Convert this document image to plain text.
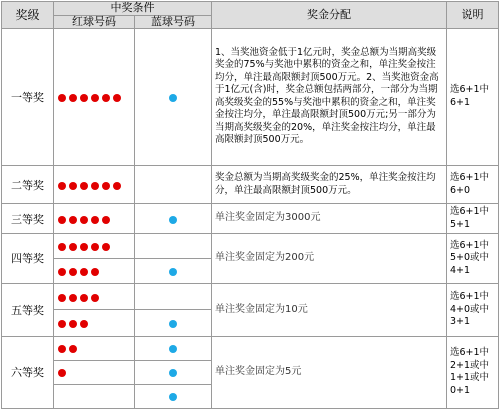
奖级	中奖条件		奖金分配	说明
	红球号码	蓝球号码		
一等奖			1、当奖池资金低于1亿元时，奖金总额为当期高奖级奖金的75%与奖池中累积的资金之和，单注奖金按注均分，单注最高限额封顶500万元。2、当奖池资金高于1亿元(含)时，奖金总额包括两部分，一部分为当期高奖级奖金的55%与奖池中累积的资金之和，单注奖金按注均分，单注最高限额封顶500万元;另一部分为当期高奖级奖金的20%，单注奖金按注均分，单注最高限额封顶500万元。	选6+1中6+1
二等奖			奖金总额为当期高奖级奖金的25%，单注奖金按注均分，单注最高限额封顶500万元。	选6+1中6+0
三等奖			单注奖金固定为3000元	选6+1中5+1
四等奖			单注奖金固定为200元	选6+1中5+0或中4+1

五等奖			单注奖金固定为10元	选6+1中4+0或中3+1

六等奖			单注奖金固定为5元	选6+1中2+1或中1+1或中0+1
